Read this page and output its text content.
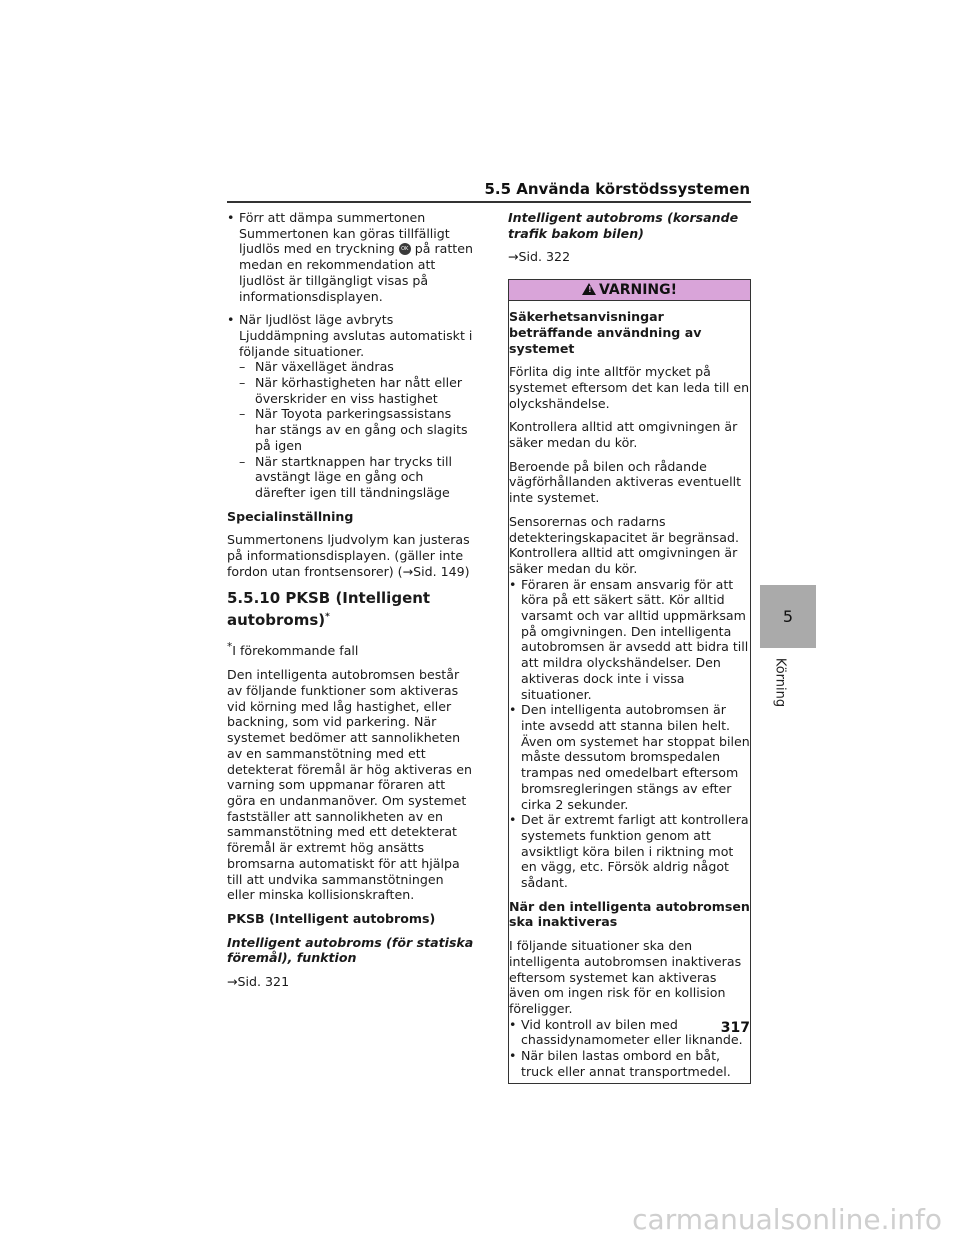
5.5 Använda körstödssystemen

• Förr att dämpa summertonen

Summertonen kan göras tillfälligt ljudlös med en tryckning	OK på ratten medan en rekommendation att ljudlöst är tillgängligt visas på informationsdisplayen.

• När ljudlöst läge avbryts

Ljuddämpning avslutas automatiskt i följande situationer.

– När växelläget ändras

– När körhastigheten har nått eller överskrider en viss hastighet

– När Toyota parkeringsassistans har stängs av en gång och slagits på igen

– När startknappen har trycks till avstängt läge en gång och därefter igen till tändningsläge

Specialinställning

Summertonens ljudvolym kan justeras på informationsdisplayen. (gäller inte fordon utan frontsensorer) (→Sid. 149)

5.5.10 PKSB (Intelligent autobroms)*

*I förekommande fall

Den intelligenta autobromsen består av följande funktioner som aktiveras vid körning med låg hastighet, eller backning, som vid parkering. När systemet bedömer att sannolikheten av en sammanstötning med ett detekterat föremål är hög aktiveras en varning som uppmanar föraren att göra en undanmanöver. Om systemet fastställer att sannolikheten av en sammanstötning med ett detekterat föremål är extremt hög ansätts bromsarna automatiskt för att hjälpa till att undvika sammanstötningen eller minska kollisionskraften.

PKSB (Intelligent autobroms)

Intelligent autobroms (för statiska föremål), funktion

→Sid. 321

Intelligent autobroms (korsande trafik bakom bilen)

→Sid. 322

! VARNING!

Säkerhetsanvisningar beträffande användning av systemet

Förlita dig inte alltför mycket på systemet eftersom det kan leda till en olyckshändelse.

Kontrollera alltid att omgivningen är säker medan du kör.

Beroende på bilen och rådande vägförhållanden aktiveras eventuellt inte systemet.

Sensorernas och radarns detekteringskapacitet är begränsad. Kontrollera alltid att omgivningen är säker medan du kör.

• Föraren är ensam ansvarig för att köra på ett säkert sätt. Kör alltid varsamt och var alltid uppmärksam på omgivningen. Den intelligenta autobromsen är avsedd att bidra till att mildra olyckshändelser. Den aktiveras dock inte i vissa situationer.

• Den intelligenta autobromsen är inte avsedd att stanna bilen helt. Även om systemet har stoppat bilen måste dessutom bromspedalen trampas ned omedelbart eftersom bromsregleringen stängs av efter cirka 2 sekunder.

• Det är extremt farligt att kontrollera systemets funktion genom att avsiktligt köra bilen i riktning mot en vägg, etc. Försök aldrig något sådant.

När den intelligenta autobromsen ska inaktiveras

I följande situationer ska den intelligenta autobromsen inaktiveras eftersom systemet kan aktiveras även om ingen risk för en kollision föreligger.

• Vid kontroll av bilen med chassidynamometer eller liknande.

• När bilen lastas ombord en båt, truck eller annat transportmedel.

5
Körning
317
carmanualsonline.info
